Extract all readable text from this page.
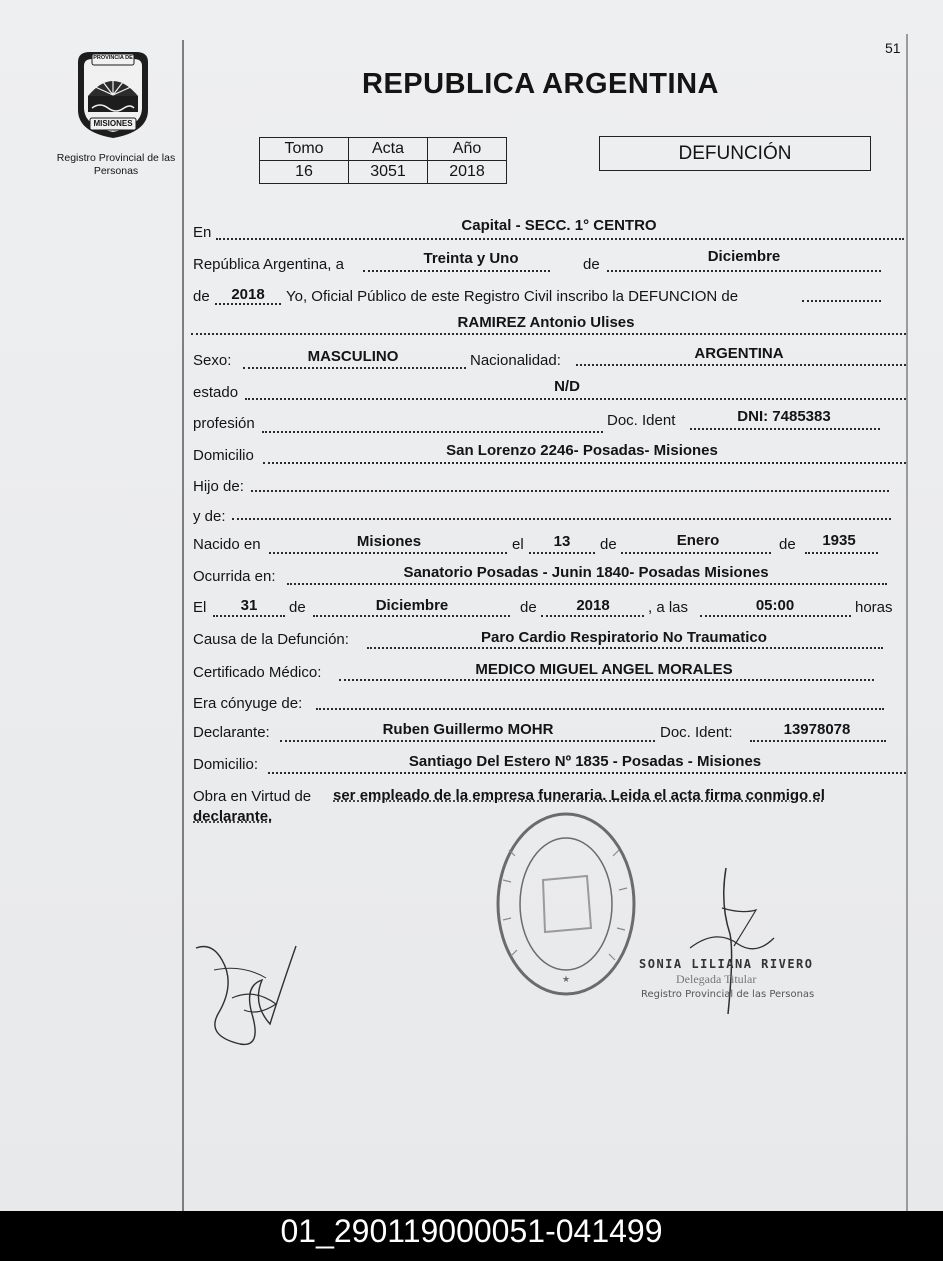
51
PROVINCIA DE
MISIONES
Registro Provincial de las Personas
REPUBLICA ARGENTINA
Tomo	Acta	Año
16	3051	2018
DEFUNCIÓN
En	Capital - SECC. 1° CENTRO
República Argentina, a	Treinta y Uno	de	Diciembre
de 2018 Yo, Oficial Público de este Registro Civil inscribo la DEFUNCION de
RAMIREZ Antonio Ulises
Sexo:	MASCULINO	Nacionalidad:	ARGENTINA
estado	N/D
profesión	Doc. Ident	DNI: 7485383
Domicilio	San Lorenzo 2246- Posadas- Misiones
Hijo de:
y de:
Nacido en	Misiones	el 13 de	Enero	de 1935
Ocurrida en:	Sanatorio Posadas - Junin 1840- Posadas Misiones
El 31 de	Diciembre	de	2018	, a las	05:00	horas
Causa de la Defunción:	Paro Cardio Respiratorio No Traumatico
Certificado Médico:	MEDICO MIGUEL ANGEL MORALES
Era cónyuge de:
Declarante:	Ruben Guillermo MOHR	Doc. Ident:	13978078
Domicilio:	Santiago Del Estero Nº 1835 - Posadas - Misiones
Obra en Virtud de ser empleado de la empresa funeraria. Leida el acta firma conmigo el
declarante.
★
SONIA LILIANA RIVERO
Delegada Titular
Registro Provincial de las Personas
01_290119000051-041499
